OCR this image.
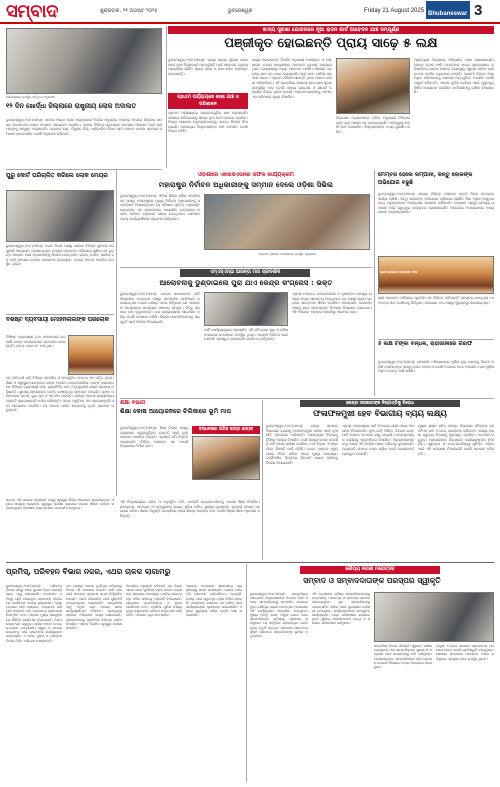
ସମ୍ବାଦ	ଶୁକ୍ରବାର, ୨୧ ଅଗଷ୍ଟ ୨୦୨୫	ଭୁବନେଶ୍ୱର	Friday 21 August 2025 Bhubaneswar 3
ସେମିନାରରେ ଉପସ୍ଥିତ ଅତିଥି ଓ ଅଧିକାରୀ
୧୨ ଦିନ ଖୋର୍ଦ୍ଧା ଜିଲ୍ଲାରେ ରାଷ୍ଟ୍ରୀୟ ଲୋକ ଅଦାଲତ
ଭୁବନେଶ୍ୱର,୨୦ା୮(ସମସ): ଜାତୀୟ ଆଇନ ସେବା ପ୍ରାଧିକରଣ ନିର୍ଦ୍ଦେଶ ଅନୁସାରେ ଆସନ୍ତା ମାସରେ ଜିଲ୍ଲାର ସମସ୍ତ ଅଦାଲତରେ ଲୋକ ଅଦାଲତ ଆୟୋଜନ କରାଯିବ। ଏଥିରେ ବିଭିନ୍ନ ପ୍ରକାରର ମାମଲାର ସମାଧାନ ପାଇଁ ପକ୍ଷମାନଙ୍କୁ ଆହ୍ୱାନ କରାଯାଇଛି। ବ୍ୟାଙ୍କ ଋଣ, ବିଦ୍ୟୁତ୍ ବିଲ୍, ପାରିବାରିକ ବିବାଦ ଆଦି ମାମଲା ଏଠାରେ ସହଜରେ ସମାଧାନ ହୋଇପାରିବ ବୋଲି ଅଧିକାରୀ କହିଛନ୍ତି।
ଖାଦ୍ୟ ସୁରକ୍ଷା ଯୋଜନାରେ ନୂଆ ରାସନ କାର୍ଡ ଆବେଦନ ଯାଞ୍ଚ ସମ୍ପୂର୍ଣ୍ଣ
ପଞ୍ଜୀକୃତ ହୋଇଛନ୍ତି ପ୍ରାୟ ସାଢ଼େ ୫ ଲକ୍ଷ
ଭୁବନେଶ୍ୱର,୨୦ା୮(ସମସ): ରାଜ୍ୟ ଖାଦ୍ୟ ସୁରକ୍ଷା ଯୋଜନାରେ ନୂଆ ହିତାଧିକାରୀ ଅନ୍ତର୍ଭୁକ୍ତି ପାଇଁ ଆବେଦନ ଗ୍ରହଣ ପ୍ରକ୍ରିୟା ସରିଛି। ପ୍ରାୟ ସାଢ଼େ ୫ ଲକ୍ଷ ଲୋକ ପଞ୍ଜୀକୃତ ହୋଇଛନ୍ତି।
ପ୍ରଥମ ପର୍ଯ୍ୟାୟରେ ହେଲା ଯାଞ୍ଚ ଓ ପରିଶୀଳନ
ପ୍ରଥମ ପର୍ଯ୍ୟାୟରେ ଆବେଦନଗୁଡ଼ିକ ଯାଞ୍ଚ କରାଯାଇଛି। ଯୋଗ୍ୟ ପରିବାରଙ୍କୁ ଶୀଘ୍ର ନୂଆ କାର୍ଡ ପ୍ରଦାନ କରାଯିବ। ଜିଲ୍ଲା ଯୋଗାଣ ଅଧିକାରୀମାନଙ୍କୁ ଏନେଇ ନିର୍ଦ୍ଦେଶ ଦିଆଯାଇଛି। ଅଯୋଗ୍ୟ ହିତାଧିକାରୀଙ୍କ ନାମ କଟାଯିବ ବୋଲି ବିଭାଗ କହିଛି।
ରାଜ୍ୟ ସରକାରଙ୍କ ନିର୍ଦ୍ଦେଶ ଅନୁଯାୟୀ ଅନଲାଇନ ଓ ଅଫଲାଇନ ଉଭୟ ମାଧ୍ୟମରେ ଆବେଦନ ଗ୍ରହଣ କରାଯାଇଥିଲା। ଗ୍ରାମାଞ୍ଚଳରୁ ଅଧିକ ଆବେଦନ ଆସିଛି। ପଞ୍ଚାୟତ ସ୍ତରରେ ଯାଞ୍ଚ ଦଳ ଗଠନ କରାଯାଇଛି। ଯାଞ୍ଚ ପରେ ତାଲିକା ପ୍ରକାଶ ପାଇବ। ଏଥିରେ କୌଣସି ଆପତ୍ତି ଥିଲେ ଲୋକେ ଦାଖଲ କରିପାରିବେ। ଏହି ପ୍ରକ୍ରିୟା ଆସନ୍ତା ମାସ ଶେଷ ସୁଦ୍ଧା ସମ୍ପୂର୍ଣ୍ଣ ହେବ ବୋଲି ଖାଦ୍ୟ ଯୋଗାଣ ଓ ଖାଉଟି କଲ୍ୟାଣ ବିଭାଗ ସୂଚନା ଦେଇଛି। ଆବେଦନକାରୀଙ୍କୁ ଏସଏମଏସ ଜରିଆରେ ସୂଚନା ଦିଆଯିବ।
ବିଭାଗୀୟ ଅଧିକାରୀଙ୍କ କହିବା ଅନୁଯାୟୀ ଡିଜିଟାଲ ଯାଞ୍ଚ ପାଇଁ ଆଧାର ସହ ଯୋଡ଼ାଯାଇଛି। ଏହାଦ୍ୱାରା ନକଲି କାର୍ଡ ରୋକାଯିବ। ହିତାଧିକାରୀଙ୍କ ତଥ୍ୟ ସୁରକ୍ଷିତ ରହିବ।
ପ୍ରତ୍ୟେକ ଜିଲ୍ଲାରେ ଅଭିଯୋଗ ସେଲ ଖୋଲାଯାଇଛି। ଲୋକେ ଟୋଲ ଫ୍ରି ନମ୍ବରରେ ମଧ୍ୟ ଯୋଗାଯୋଗ କରିପାରିବେ। ଚାଉଳ ବଣ୍ଟନ ବ୍ୟବସ୍ଥାକୁ ସ୍ୱଚ୍ଛ କରିବା ପାଇଁ ଇ-ପସ ମେସିନ ବ୍ୟବହାର ହେଉଛି। ଆଗାମୀ ଦିନରେ ଆଉ ଅଧିକ ପରିବାରଙ୍କୁ ଯୋଜନା ଅନ୍ତର୍ଭୁକ୍ତ କରାଯିବ ବୋଲି ମନ୍ତ୍ରୀ କହିଛନ୍ତି। ଏହାସହ ଦୁର୍ବଳ ବର୍ଗଙ୍କ ପାଇଁ ସ୍ୱତନ୍ତ୍ର ଶିବିର ଆୟୋଜନ କରାଯିବ। କର୍ମଚାରୀଙ୍କୁ ତାଲିମ ଦିଆଯାଉଛି।
ପୁରୁ କୋର୍ଟ ପରିଚାଳିତ କରିଲେ ଲୋକ ମେୟର
ଭୁବନେଶ୍ୱର,୨୦ା୮(ସମସ): ନଗର ନିଗମ ପକ୍ଷରୁ ସହରର ବିଭିନ୍ନ ସ୍ଥାନରେ ଜନସୁଣାଣି ଆୟୋଜନ କରାଯାଇଥିଲା। ମେୟର ଲୋକଙ୍କ ଅଭିଯୋଗ ଶୁଣିବା ସହ ତୁରନ୍ତ ସମାଧାନ ପାଇଁ ଅଧିକାରୀଙ୍କୁ ନିର୍ଦ୍ଦେଶ ଦେଇଥିଲେ। ରାସ୍ତା, ନର୍ଦ୍ଦମା, ପାନୀୟ ଜଳ ଆଦି ସମସ୍ୟା ଉପରେ ଆଲୋଚନା ହୋଇଥିଲା। ଏଥିରେ ଅନେକ ନାଗରିକ ଉପସ୍ଥିତ ଥିଲେ।
ବିଶିଷ୍ଟ ବ୍ୟବସାୟୀ ମୋହନଲାଲଙ୍କ ପରଲୋକ
ବିଶିଷ୍ଟ ବ୍ୟବସାୟୀ ତଥା ସମାଜସେବୀ ଗତକାଲି ତାଙ୍କ ବାସଭବନରେ ପରଲୋକ ହୋଇଛନ୍ତି। ତାଙ୍କ ବୟସ ୭୮ ବର୍ଷ ଥିଲା।
ସେ ଦୀର୍ଘ ବର୍ଷ ଧରି ବିଭିନ୍ନ ସାମାଜିକ ଓ ସାଂସ୍କୃତିକ ସଂଗଠନ ସହ ଜଡ଼ିତ ଥିଲେ। ଶିକ୍ଷା ଓ ସ୍ୱାସ୍ଥ୍ୟ କ୍ଷେତ୍ରରେ ତାଙ୍କ ଅବଦାନ ଉଲ୍ଲେଖନୀୟ। ତାଙ୍କ ପରଲୋକରେ ବିଭିନ୍ନ ବ୍ୟବସାୟୀ ସଂଘ, ରାଜନୈତିକ ଦଳ ଓ ବୁଦ୍ଧିଜୀବୀ ଶୋକ ପ୍ରକାଶ କରିଛନ୍ତି। ସ୍ଥାନୀୟ ଶ୍ମଶାନରେ ତାଙ୍କ ଶେଷକୃତ୍ୟ ସମ୍ପନ୍ନ ହୋଇଛି। ତାଙ୍କ ପରିବାରରେ ପତ୍ନୀ, ଦୁଇ ପୁଅ ଓ ଏକ ଝିଅ ଅଛନ୍ତି। ସହରର ଅନେକ ଗଣ୍ୟମାନ୍ୟ ବ୍ୟକ୍ତି ଶ୍ରଦ୍ଧାଞ୍ଜଳି ଅର୍ପଣ କରିଛନ୍ତି। ତାଙ୍କ ସ୍ମୃତିରେ ଏକ ଶ୍ରଦ୍ଧାଞ୍ଜଳି ସଭା ଆୟୋଜନ କରାଯିବ। ସେ ଅନେକ ଗରିବ ଛାତ୍ରଙ୍କୁ ବୃତ୍ତି ପ୍ରଦାନ କରୁଥିଲେ।
ଓଡ଼ିଶାରେ ଏସୋସିଏସନର ସଫଳ କାର୍ଯ୍ୟକ୍ରମ
ମହାରାଷ୍ଟ୍ର ନିର୍ବାଚନ ଅଧିକାରୀଙ୍କୁ ସମ୍ମାନ ଦେଲେ ଓଡ଼ିଶା ସିଭିଲ
ଭୁବନେଶ୍ୱର,୨୦ା୮(ସମସ): ଓଡ଼ିଶା ସିଭିଲ ସର୍ଭିସ ଏସୋସିଏସନ ପକ୍ଷରୁ ମହାରାଷ୍ଟ୍ରର ମୁଖ୍ୟ ନିର୍ବାଚନ ଅଧିକାରୀଙ୍କୁ ସମ୍ବର୍ଦ୍ଧନା ଦିଆଯାଇଥିଲା। ସେ ଓଡ଼ିଶାର ପୂର୍ବତନ ଅଧିକାରୀ। ରାଜଧାନୀର ଏକ ହୋଟେଲରେ ଆୟୋଜିତ ଉତ୍ସବରେ ଅନେକ ବରିଷ୍ଠ ଅଧିକାରୀ ଯୋଗ ଦେଇଥିଲେ। ସେମାନେ ତାଙ୍କ କାର୍ଯ୍ୟଶୈଳୀର ପ୍ରଶଂସା କରିଥିଲେ।
ସମ୍ମାନ ପ୍ରଦାନ ଅବସରରେ ଉପସ୍ଥିତ ଅଧିକାରୀ
ଏମ୍‌ଏସ୍‌ଏମ୍‌ଇ ଆସନ୍ତା ମାସ ପ୍ରଦର୍ଶନୀ
ଆଲୋଚନାକୁ ଡୁଣ୍ଡାଇଲେ ପୁରା ଯାଏ କେନ୍ଦ୍ର କଂଗ୍ରେସ : ଭକ୍ତ
ଭୁବନେଶ୍ୱର,୨୦ା୮(ସମସ): କେନ୍ଦ୍ର ସରକାରଙ୍କ ନୀତି ବିରୋଧରେ କଂଗ୍ରେସ ପକ୍ଷରୁ ସାମ୍ବାଦିକ ସମ୍ମିଳନୀ ଡକାଯାଇଥିଲା। ଦଳର ବରିଷ୍ଠ ନେତା କହିଥିଲେ ଯେ ଆଲୋଚନା ମାଧ୍ୟମରେ ସମସ୍ୟାର ସମାଧାନ ସମ୍ଭବ। କିନ୍ତୁ ସରକାର ତାହା କରୁନାହାନ୍ତି। ଦଳ ରାଜ୍ୟବ୍ୟାପୀ ଆନ୍ଦୋଳନ କରିବ ବୋଲି ଘୋଷଣା କରିଛି। ଜିଲ୍ଲା ସଭାପତିମାନଙ୍କୁ ପ୍ରସ୍ତୁତି ପାଇଁ ନିର୍ଦ୍ଦେଶ ଦିଆଯାଇଛି।
ପାର୍ଟି କାର୍ଯ୍ୟାଳୟରେ ଆୟୋଜିତ ଏହି ବୈଠକରେ ଯୁବ ଓ ମହିଳା କଂଗ୍ରେସ ନେତାମାନେ ଉପସ୍ଥିତ ଥିଲେ। ଆଗାମୀ ନିର୍ବାଚନ ପାଇଁ ରଣନୀତି ପ୍ରସ୍ତୁତ କରାଯାଉଛି ବୋଲି ସେ କହିଥିଲେ।
ଏଥିସହ ମହଙ୍ଗା, ବେରୋଜଗାରୀ ଓ କୃଷକଙ୍କ ସମସ୍ୟା ଉପରେ ମଧ୍ୟ ଆଲୋଚନା ହୋଇଥିଲା। ଦଳ ପକ୍ଷରୁ ଗ୍ରାମ ସ୍ତରରେ ସଚେତନତା ଶିବିର କରାଯିବ। ନେତାମାନେ ଲୋକଙ୍କ ପାଖକୁ ଯାଇ ସରକାରଙ୍କ ବିଫଳତା ବିଷୟରେ ଜଣାଇବେ। ଏହି ଅଭିଯାନ ଆସନ୍ତା ସପ୍ତାହରୁ ଆରମ୍ଭ ହେବ।
ମେମ୍ବର ହେଲେ କମ୍ପାନୀ, କିନ୍ତୁ ଲୋକଙ୍କ ଅଭିଯୋଗ ବଢୁଛି
ଭୁବନେଶ୍ୱର,୨୦ା୮(ସମସ): ସହରର ବିଭିନ୍ନ ଅଞ୍ଚଳରେ ସ୍ମାର୍ଟ ମିଟର ଲଗାଇବା କାର୍ଯ୍ୟ ଚାଲିଛି। କିନ୍ତୁ ଲୋକଙ୍କ ଅଭିଯୋଗ ବଢ଼ିବାରେ ଲାଗିଛି। ବିଲ ଅଧିକ ଆସୁଥିବା ନେଇ ଗ୍ରାହକମାନେ ଅସନ୍ତୋଷ ପ୍ରକାଶ କରିଛନ୍ତି। କମ୍ପାନୀ ପକ୍ଷରୁ ସମସ୍ୟା ସମାଧାନ ପାଇଁ ସ୍ୱତନ୍ତ୍ର କାଉଣ୍ଟର ଖୋଲାଯାଇଛି। ଅଭିଯୋଗ ଅନଲାଇନରେ ମଧ୍ୟ ଦାଖଲ କରାଯାଇପାରିବ।
ଶ୍ରୀ ଲୋକନାଥ ସେବାୟତ ସଂଘ
ଶ୍ରୀ ଲୋକନାଥ ମନ୍ଦିରରେ ପୂଜାର୍ଚ୍ଚନା ସହ ବିଭିନ୍ନ ନୀତିକାନ୍ତି ସମ୍ପନ୍ନ ହୋଇଥିଲା। ଭକ୍ତଙ୍କ ଭିଡ଼ ଦେଖିବାକୁ ମିଳିଥିଲା। ସେବାୟତ ସଂଘ ପକ୍ଷରୁ ସୁବ୍ୟବସ୍ଥା କରାଯାଇଥିଲା।
୫ ଲକ୍ଷ ଟଙ୍କା ବନ୍ଧକ, ରାହାଜାନୀରେ ଗିରଫ
ଭୁବନେଶ୍ୱର,୨୦ା୮(ସମସ): ରାହାଜାନୀ ଅଭିଯୋଗରେ ପୁଲିସ ଦୁଇ ଜଣଙ୍କୁ ଗିରଫ କରିଛି। ସେମାନଙ୍କ ପାଖରୁ ନଗଦ ଟଙ୍କା ଓ ଗୋଟିଏ ବାଇକ ଜବତ ହୋଇଛି। ଥାନା ପୁଲିସ ଅଧିକ ତଦନ୍ତ ଜାରି ରଖିଛି।
ଶିକ୍ଷା ବିଭାଗ
ଶିକ୍ଷା କୋଷ ଆୟୋଜନରେ ଚିଲିକାରେ ଭୂମି ମାପ
ଭୁବନେଶ୍ୱର,୨୦ା୮(ସମସ): ଶିକ୍ଷା ବିଭାଗ ପକ୍ଷରୁ ଗ୍ରାମାଞ୍ଚଳ ସ୍କୁଲଗୁଡ଼ିକର ଉନ୍ନତି ପାଇଁ ନୂଆ ଯୋଜନା ଆରମ୍ଭ ହୋଇଛି। ଏଥିପାଇଁ ଜମି ଚିହ୍ନଟ କରାଯାଉଛି। ଚିଲିକା ଅଞ୍ଚଳରେ ଏକ ଆଦର୍ଶ ବିଦ୍ୟାଳୟ ନିର୍ମାଣ ହେବ।
ବନ୍ଧନୀରେ ଗରିବ ଛାତ୍ର ଛାତ୍ରୀ
ଏହି ବିଦ୍ୟାଳୟରେ ଗରିବ ଓ ଅନୁସୂଚିତ ଜାତି, ଜନଜାତି ଛାତ୍ରଛାତ୍ରୀଙ୍କୁ ମାଗଣା ଶିକ୍ଷା ଦିଆଯିବ। ଛାତ୍ରାବାସ, ପାଠାଗାର ଓ କମ୍ପ୍ୟୁଟର ଲ୍ୟାବ ସୁବିଧା ରହିବ। ସ୍ଥାନୀୟ ପ୍ରଶାସନ ଏଥିପାଇଁ ସମସ୍ତ ସହଯୋଗ କରିବ। ଶିକ୍ଷକ ନିଯୁକ୍ତି ପ୍ରକ୍ରିୟା ମଧ୍ୟ ଶୀଘ୍ର ଆରମ୍ଭ ହେବ ବୋଲି ଜିଲ୍ଲା ଶିକ୍ଷା ଅଧିକାରୀ କହିଛନ୍ତି।
କେନ୍ଦ୍ର ସରକାରଙ୍କ ନିଷ୍ପତ୍ତିକୁ ବିରୋଧ
ଫଳାଫଳମୁଖୀ ହେବ ବିଭାଗୀୟ ବ୍ୟୟ ଲକ୍ଷ୍ୟ
ଭୁବନେଶ୍ୱର,୨୦ା୮(ସମସ): ରାଜ୍ୟ ସରକାର ବିଭାଗୀୟ ବ୍ୟୟକୁ ଫଳାଫଳମୁଖୀ କରିବା ପାଇଁ ନୂଆ ନୀତି ପ୍ରଣୟନ କରିଛନ୍ତି। ପ୍ରତ୍ୟେକ ବିଭାଗକୁ ନିର୍ଦ୍ଦିଷ୍ଟ ଲକ୍ଷ୍ୟ ଦିଆଯିବ। ସେହି ଲକ୍ଷ୍ୟ ହାସଲ ହେଉଛି କି ନାହିଁ ତାହାର ସମୀକ୍ଷା କରାଯିବ। ଅର୍ଥ ବିଭାଗ ଏ ସମ୍ପର୍କରେ ବିଜ୍ଞପ୍ତି ଜାରି କରିଛି। ବଜେଟ ବରାଦର ସଦୁପଯୋଗ ନିଶ୍ଚିତ କରିବା ଏହାର ମୁଖ୍ୟ ଉଦ୍ଦେଶ୍ୟ। ତ୍ରୈମାସିକ ଭିତ୍ତିରେ ରିପୋର୍ଟ ଦାଖଲ କରିବାକୁ ନିର୍ଦ୍ଦେଶ ଦିଆଯାଇଛି।
ଏଥିସହ ଅନାବଶ୍ୟକ ଖର୍ଚ୍ଚ କମାଇବା ପାଇଁ ମଧ୍ୟ ପଦକ୍ଷେପ ନିଆଯାଉଛି। ନୂଆ ଗାଡ଼ି କିଣିବା, ବିଦେଶ ଗସ୍ତ ଆଦି ଉପରେ କଟକଣା ଲାଗୁ ହୋଇଛି। ଉନ୍ନୟନମୂଳକ କାର୍ଯ୍ୟକୁ ପ୍ରାଥମିକତା ଦିଆଯିବ। ଜିଲ୍ଲାପାଳମାନଙ୍କୁ ମଧ୍ୟ ଏହି ନିର୍ଦ୍ଦେଶ ପାଳନ କରିବାକୁ କୁହାଯାଇଛି। ଅଗ୍ରଗତି ଉପରେ ନଜର ରଖିବା ପାଇଁ ଡ୍ୟାସବୋର୍ଡ ପ୍ରସ୍ତୁତ ହୋଇଛି।
ମୁଖ୍ୟ ଶାସନ ସଚିବ ସମସ୍ତ ବିଭାଗୀୟ ସଚିବଙ୍କ ସହ ବୈଠକ କରି ଏ ନେଇ ଆଲୋଚନା କରିଛନ୍ତି। ଲକ୍ଷ୍ୟ ହାସଲ କରୁଥିବା ବିଭାଗକୁ ପୁରସ୍କୃତ କରାଯିବ। ଅବହେଳା କରୁଥିବା ଅଧିକାରୀଙ୍କ ବିରୋଧରେ କାର୍ଯ୍ୟାନୁଷ୍ଠାନ ନିଆଯିବ। ସ୍ୱଚ୍ଛତା ଓ ଉତ୍ତରଦାୟିତ୍ୱ ସୁନିଶ୍ଚିତ କରିବା ପାଇଁ ଏହି ପଦକ୍ଷେପ ନିଆଯାଇଛି ବୋଲି ସରକାର କହିଛନ୍ତି।
ସହରର ଏକ ଘରୋଇ ଅନୁଷ୍ଠାନ ପକ୍ଷରୁ ସ୍ୱାସ୍ଥ୍ୟ ଶିବିର ଆୟୋଜନ କରାଯାଇଥିଲା। ଏଥିରେ ଶତାଧିକ ଲୋକଙ୍କ ସ୍ୱାସ୍ଥ୍ୟ ପରୀକ୍ଷା କରାଯାଇ ମାଗଣା ଔଷଧ ବଣ୍ଟନ କରାଯାଇଥିଲା। ବିଶେଷଜ୍ଞ ଡାକ୍ତରମାନେ ପରାମର୍ଶ ଦେଇଥିଲେ।
ପ୍ରମିସ୍, ପରିବହନ ବିଭାଗ ନଜର, ଏଥର ଚାଳକ ଲାଗାମରୁ
ଭୁବନେଶ୍ୱର,୨୦ା୮(ସମସ): ପରିବହନ ବିଭାଗ ପକ୍ଷରୁ ସଡ଼କ ସୁରକ୍ଷା ନିୟମ କଡ଼ାକଡ଼ି ଭାବେ ଲାଗୁ କରାଯାଉଛି। ହେଲମେଟ ନ ପିନ୍ଧି ଗାଡ଼ି ଚଳାଉଥିବା ଚାଳକଙ୍କ ବିରୋଧରେ ଜୋରିମାନା ଆଦାୟ କରାଯାଉଛି। ଅଧିକ ବେଗରେ ଗାଡ଼ି ଚଳାଇବା, ମଦ୍ୟପାନ କରି ଗାଡ଼ି ଚଳାଇବା ଆଦି ଅପରାଧରେ ଲାଇସେନ୍ସ ନିଲମ୍ବିତ ହେବ। ସହରର ମୁଖ୍ୟ ଛକଗୁଡ଼ିକରେ ସିସିଟିଭି କ୍ୟାମେରା ଲଗାଯାଇଛି। ନିୟମ ଉଲ୍ଲଂଘନ କରୁଥିବା ଗାଡ଼ିର ଫଟୋ ଉଠାଇ ଇ-ଚାଲାନ ପଠାଯାଉଛି। ସ୍କୁଲ ଓ କଲେଜ ଛାତ୍ରଙ୍କ ପାଇଁ ସଚେତନତା କାର୍ଯ୍ୟକ୍ରମ କରାଯାଉଛି। ଏ ନେଇ ପୁଲିସ ଓ ପରିବହନ ବିଭାଗ ମିଳିତ ଅଭିଯାନ ଚଳାଇଛନ୍ତି।
ଗତ ମାସରେ ଅନେକ ଦୁର୍ଘଟଣା ଘଟିଥିବାରୁ ବିଭାଗ ଏହି ପଦକ୍ଷେପ ନେଇଛି। ଭାରି ଯାନ ପାଇଁ ସହରରେ ପ୍ରବେଶ ସମୟ ନିର୍ଦ୍ଧାରିତ ହୋଇଛି। ଅଟୋ ଚାଳକଙ୍କ ପାଇଁ ୟୁନିଫର୍ମ ବାଧ୍ୟତାମୂଳକ କରାଯାଇଛି। ଯାତ୍ରୀଙ୍କ ଠାରୁ ଅଧିକ ଭଡ଼ା ଆଦାୟ କଲେ କାର୍ଯ୍ୟାନୁଷ୍ଠାନ ନିଆଯିବ। ପ୍ରତ୍ୟେକ ଥାନାରେ ଅଭିଯୋଗ ବାକ୍ସ ରଖାଯାଇଛି। ଚାଳକମାନଙ୍କୁ ପ୍ରାଥମିକ ଚିକିତ୍ସା ତାଲିମ ଦିଆଯିବ। ଏଥିସହ ନିୟମିତ ସ୍ୱାସ୍ଥ୍ୟ ପରୀକ୍ଷା କରାଯିବ।
ବିଭାଗୀୟ ଅଧିକାରୀ କହିଛନ୍ତି ଯେ ନିୟମ ପାଳନ କଲେ ଦୁର୍ଘଟଣା ହ୍ରାସ ପାଇବ। ଲୋକଙ୍କ ସହଯୋଗ ଆବଶ୍ୟକ। ଗାଡ଼ିର କାଗଜପତ୍ର ସଠିକ ରଖିବାକୁ ପରାମର୍ଶ ଦିଆଯାଇଛି। ପ୍ରଦୂଷଣ ପ୍ରମାଣପତ୍ର ନ ଥିଲେ ଜୋରିମାନା ହେବ। ଟ୍ରାଫିକ ପୁଲିସ ସଂଖ୍ୟା ବୃଦ୍ଧି କରାଯାଇଛି। ରାତିରେ ମଧ୍ୟ ଯାଞ୍ଚ ଜାରି ରହିବ। ଅଭିଯାନ ପୂରା ମାସ ଚାଲିବ।
ଏହାଛଡ଼ା ଅନଲାଇନ ଲାଇସେନ୍ସ ପ୍ରକ୍ରିୟାକୁ ସରଳ କରାଯାଇଛି। ଲୋକେ ଘରେ ବସି ଆବେଦନ କରିପାରିବେ। ଡ୍ରାଇଭିଂ ଟେଷ୍ଟ ପାଇଁ ସ୍ୱତନ୍ତ୍ର ଟ୍ରାକ ନିର୍ମାଣ ହୋଇଛି। ଦଲାଲଙ୍କ କାରବାର ବନ୍ଦ କରିବା ପାଇଁ କାର୍ଯ୍ୟାଳୟରେ କ୍ୟାମେରା ଲଗାଯାଇଛି। ଏଥିରେ ସ୍ୱଚ୍ଛତା ଆସିବ ବୋଲି ଆଶା କରାଯାଉଛି।
ରୌପ୍ୟ ନଗରୀ ମହୋତ୍ସବ
ସମ୍ବାଦ ଓ ସମ୍ବାଦଦାତାଙ୍କ ପରସ୍ପର ସ୍ୱୀକୃତି
ଭୁବନେଶ୍ୱର,୨୦ା୮(ସମସ): ସାମ୍ବାଦିକତା କ୍ଷେତ୍ରରେ ଉଲ୍ଲେଖନୀୟ ଅବଦାନ ପାଇଁ ଅନେକ ସାମ୍ବାଦିକଙ୍କୁ ସମ୍ମାନିତ କରାଯାଇଥିଲା। ରୌପ୍ୟ ନଗରୀ ମହୋତ୍ସବ ଅବସରରେ ଏହି କାର୍ଯ୍ୟକ୍ରମ ଆୟୋଜିତ ହୋଇଥିଲା। ମୁଖ୍ୟ ଅତିଥି ଭାବେ ମନ୍ତ୍ରୀ ଯୋଗ ଦେଇ ସାମ୍ବାଦିକଙ୍କ ଭୂମିକାକୁ ପ୍ରଶଂସା କରିଥିଲେ। ସେ କହିଥିଲେ ଗଣମାଧ୍ୟମ ଗଣତନ୍ତ୍ରର ଚତୁର୍ଥ ସ୍ତମ୍ଭ। ସମାଜରେ ସଚେତନତା ସୃଷ୍ଟି କରିବାରେ ସାମ୍ବାଦିକଙ୍କ ଭୂମିକା ଅତୁଳନୀୟ।
ଏହି ଅବସରରେ ବରିଷ୍ଠ ସାମ୍ବାଦିକମାନଙ୍କୁ ଉତ୍ତରୀୟ, ମାନପତ୍ର ଓ ସ୍ମାରକୀ ପ୍ରଦାନ କରାଯାଇଥିଲା। ଯୁବ ସାମ୍ବାଦିକଙ୍କୁ ପ୍ରୋତ୍ସାହିତ କରିବା ପାଇଁ ପୁରସ୍କାର ଘୋଷଣା ହୋଇଥିଲା। କାର୍ଯ୍ୟକ୍ରମରେ ସାଂସ୍କୃତିକ କାର୍ଯ୍ୟକ୍ରମ ମଧ୍ୟ ପରିବେଷଣ କରାଯାଇଥିଲା। ସ୍ଥାନୀୟ କଳାକାରମାନେ ନୃତ୍ୟ ଓ ସଙ୍ଗୀତ ପରିବେଷଣ କରିଥିଲେ।
ସାମ୍ବାଦିକ ସଂଘର ସଭାପତି ସ୍ୱାଗତ ଭାଷଣ ଦେଇଥିଲେ। ସେ ସାମ୍ବାଦିକଙ୍କ ସୁରକ୍ଷା ଓ କଲ୍ୟାଣ ପାଇଁ ସରକାରଙ୍କୁ ଦାବି କରିଥିଲେ। ଅବସରପ୍ରାପ୍ତ ସାମ୍ବାଦିକଙ୍କ ପାଇଁ ପେନସନ ଯୋଜନା ବିଷୟରେ ମଧ୍ୟ ଆଲୋଚନା ହୋଇଥିଲା।
ମନ୍ତ୍ରୀ ଏ ନେଇ ସରକାର ସକାରାତ୍ମକ ପଦକ୍ଷେପ ନେବେ ବୋଲି ପ୍ରତିଶ୍ରୁତି ଦେଇଥିଲେ। ଶେଷରେ ସମ୍ପାଦକ ଧନ୍ୟବାଦ ଅର୍ପଣ କରିଥିଲେ। ଶତାଧିକ ଲୋକ ଉପସ୍ଥିତ ଥିଲେ।
